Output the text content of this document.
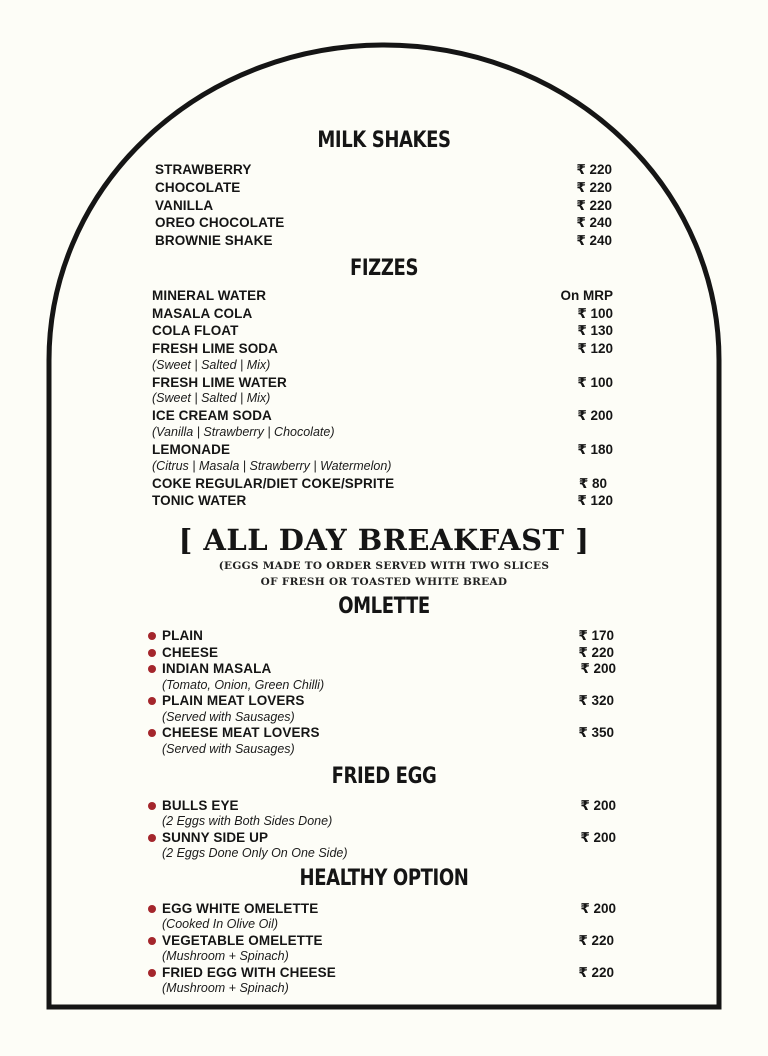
MILK SHAKES
STRAWBERRY	₹ 220
CHOCOLATE	₹ 220
VANILLA	₹ 220
OREO CHOCOLATE	₹ 240
BROWNIE SHAKE	₹ 240
FIZZES
MINERAL WATER	On MRP
MASALA COLA	₹ 100
COLA FLOAT	₹ 130
FRESH LIME SODA	₹ 120
(Sweet | Salted | Mix)
FRESH LIME WATER	₹ 100
(Sweet | Salted | Mix)
ICE CREAM SODA	₹ 200
(Vanilla | Strawberry | Chocolate)
LEMONADE	₹ 180
(Citrus | Masala | Strawberry | Watermelon)
COKE REGULAR/DIET COKE/SPRITE	₹ 80
TONIC WATER	₹ 120
[ ALL DAY BREAKFAST ]
(EGGS MADE TO ORDER SERVED WITH TWO SLICES
OF FRESH OR TOASTED WHITE BREAD
OMLETTE
PLAIN	₹ 170
CHEESE	₹ 220
INDIAN MASALA	₹ 200
(Tomato, Onion, Green Chilli)
PLAIN MEAT LOVERS	₹ 320
(Served with Sausages)
CHEESE MEAT LOVERS	₹ 350
(Served with Sausages)
FRIED EGG
BULLS EYE	₹ 200
(2 Eggs with Both Sides Done)
SUNNY SIDE UP	₹ 200
(2 Eggs Done Only On One Side)
HEALTHY OPTION
EGG WHITE OMELETTE	₹ 200
(Cooked In Olive Oil)
VEGETABLE OMELETTE	₹ 220
(Mushroom + Spinach)
FRIED EGG WITH CHEESE	₹ 220
(Mushroom + Spinach)
